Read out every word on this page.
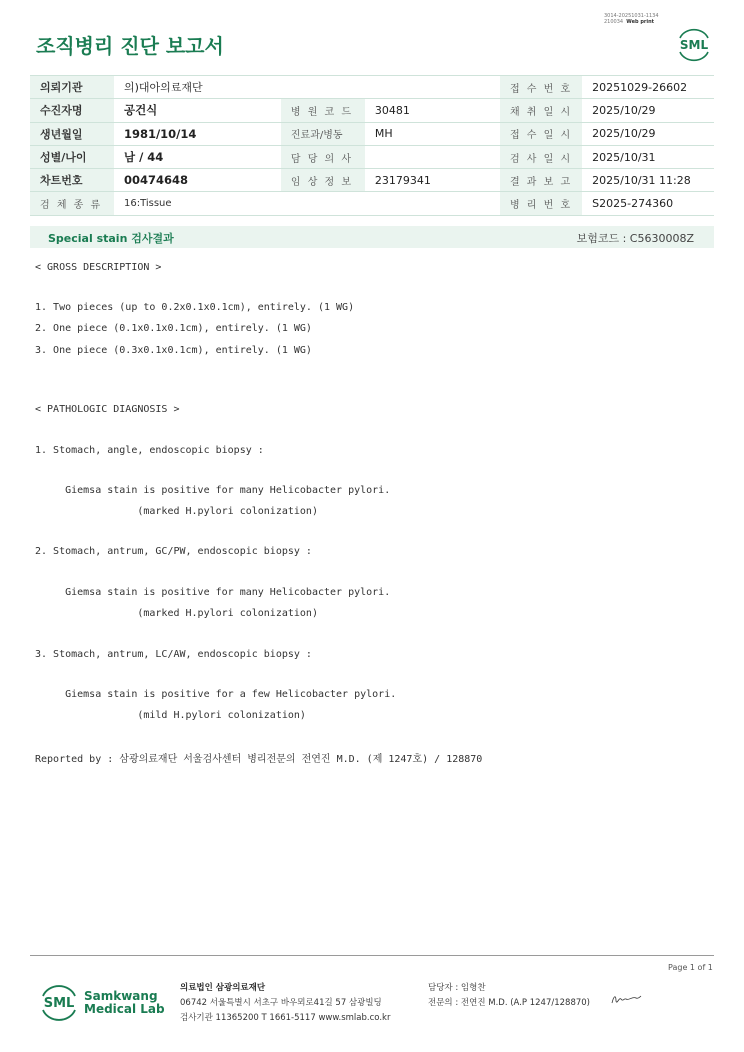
3014-20251031-1134
210034 Web print
조직병리 진단 보고서	SML
의뢰기관	의)대아의료재단			접 수 번 호	20251029-26602
수진자명	공건식	병 원 코 드	30481	채 취 일 시	2025/10/29
생년월일	1981/10/14	진료과/병동	MH	접 수 일 시	2025/10/29
성별/나이	남 / 44	담 당 의 사		검 사 일 시	2025/10/31
차트번호	00474648	임 상 정 보	23179341	결 과 보 고	2025/10/31 11:28
검 체 종 류	16:Tissue			병 리 번 호	S2025-274360
Special stain 검사결과	보험코드 : C5630008Z
< GROSS DESCRIPTION >
1. Two pieces (up to 0.2x0.1x0.1cm), entirely. (1 WG)
2. One piece (0.1x0.1x0.1cm), entirely. (1 WG)
3. One piece (0.3x0.1x0.1cm), entirely. (1 WG)
< PATHOLOGIC DIAGNOSIS >
1. Stomach, angle, endoscopic biopsy :
Giemsa stain is positive for many Helicobacter pylori.
(marked H.pylori colonization)
2. Stomach, antrum, GC/PW, endoscopic biopsy :
Giemsa stain is positive for many Helicobacter pylori.
(marked H.pylori colonization)
3. Stomach, antrum, LC/AW, endoscopic biopsy :
Giemsa stain is positive for a few Helicobacter pylori.
(mild H.pylori colonization)
Reported by : 삼광의료재단 서울검사센터 병리전문의 전연진 M.D. (제 1247호) / 128870
Page 1 of 1
SML Samkwang
Medical Lab
의료법인 삼광의료재단
06742 서울특별시 서초구 바우뫼로41길 57 삼광빌딩
검사기관 11365200 T 1661-5117 www.smlab.co.kr
담당자 : 임형찬
전문의 : 전연진 M.D. (A.P 1247/128870)
